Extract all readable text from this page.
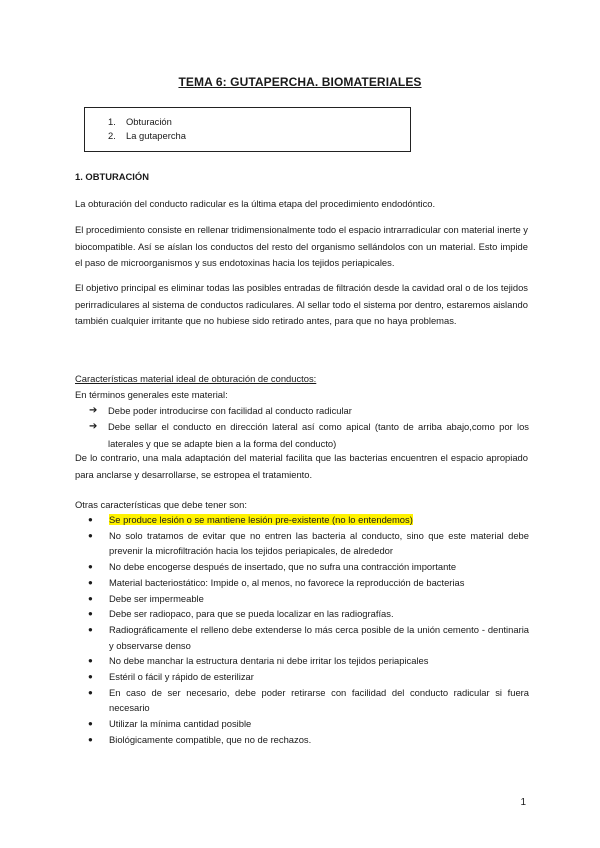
TEMA 6: GUTAPERCHA. BIOMATERIALES
1.	Obturación
2.	La gutapercha
1. OBTURACIÓN

La obturación del conducto radicular es la última etapa del procedimiento endodóntico.

El procedimiento consiste en rellenar tridimensionalmente todo el espacio intrarradicular con material inerte y biocompatible. Así se aíslan los conductos del resto del organismo sellándolos con un material. Esto impide el paso de microorganismos y sus endotoxinas hacia los tejidos periapicales.

El objetivo principal es eliminar todas las posibles entradas de filtración desde la cavidad oral o de los tejidos perirradiculares al sistema de conductos radiculares. Al sellar todo el sistema por dentro, estaremos aislando también cualquier irritante que no hubiese sido retirado antes, para que no haya problemas.

Características material ideal de obturación de conductos:

En términos generales este material:

➔	Debe poder introducirse con facilidad al conducto radicular
➔	Debe sellar el conducto en dirección lateral así como apical (tanto de arriba abajo,como por los laterales y que se adapte bien a la forma del conducto)

De lo contrario, una mala adaptación del material facilita que las bacterias encuentren el espacio apropiado para anclarse y desarrollarse, se estropea el tratamiento.

Otras características que debe tener son:

●	Se produce lesión o se mantiene lesión pre-existente (no lo entendemos)
●	No solo tratamos de evitar que no entren las bacteria al conducto, sino que este material debe prevenir la microfiltración hacia los tejidos periapicales, de alrededor
●	No debe encogerse después de insertado, que no sufra una contracción importante
●	Material bacteriostático: Impide o, al menos, no favorece la reproducción de bacterias
●	Debe ser impermeable
●	Debe ser radiopaco, para que se pueda localizar en las radiografías.
●	Radiográficamente el relleno debe extenderse lo más cerca posible de la unión cemento - dentinaria y observarse denso
●	No debe manchar la estructura dentaria ni debe irritar los tejidos periapicales
●	Estéril o fácil y rápido de esterilizar
●	En caso de ser necesario, debe poder retirarse con facilidad del conducto radicular si fuera necesario
●	Utilizar la mínima cantidad posible
●	Biológicamente compatible, que no de rechazos.
1
